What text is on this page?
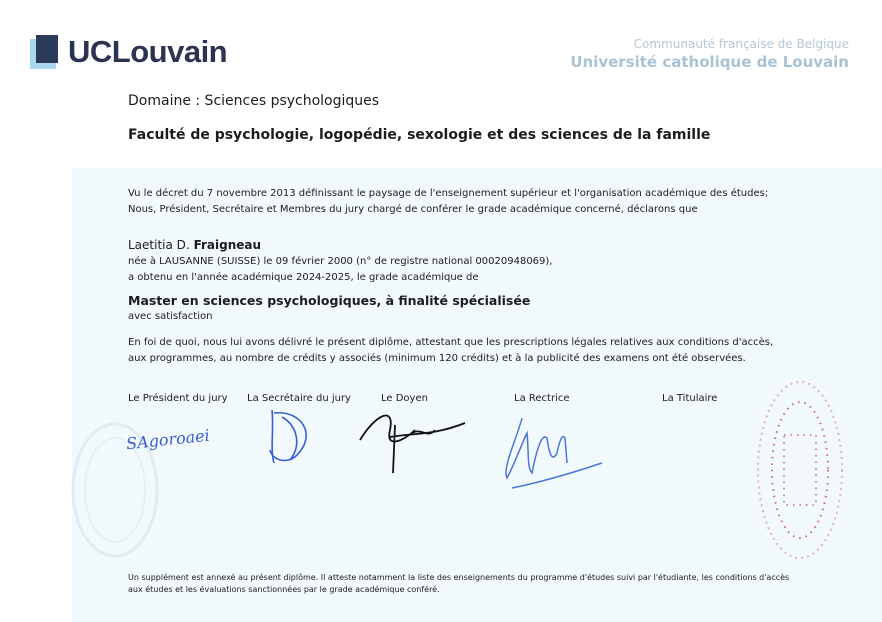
UCLouvain	Communauté française de Belgique
Université catholique de Louvain
Domaine : Sciences psychologiques
Faculté de psychologie, logopédie, sexologie et des sciences de la famille
Vu le décret du 7 novembre 2013 définissant le paysage de l'enseignement supérieur et l'organisation académique des études;
Nous, Président, Secrétaire et Membres du jury chargé de conférer le grade académique concerné, déclarons que
Laetitia D. Fraigneau
née à LAUSANNE (SUISSE) le 09 février 2000 (n° de registre national 00020948069),
a obtenu en l'année académique 2024-2025, le grade académique de
Master en sciences psychologiques, à finalité spécialisée
avec satisfaction
En foi de quoi, nous lui avons délivré le présent diplôme, attestant que les prescriptions légales relatives aux conditions d'accès,
aux programmes, au nombre de crédits y associés (minimum 120 crédits) et à la publicité des examens ont été observées.
Le Président du jury La Secrétaire du jury	Le Doyen	La Rectrice	La Titulaire
SAgoroaei
Un supplément est annexé au présent diplôme. Il atteste notamment la liste des enseignements du programme d'études suivi par l'étudiante, les conditions d'accès
aux études et les évaluations sanctionnées par le grade académique conféré.
